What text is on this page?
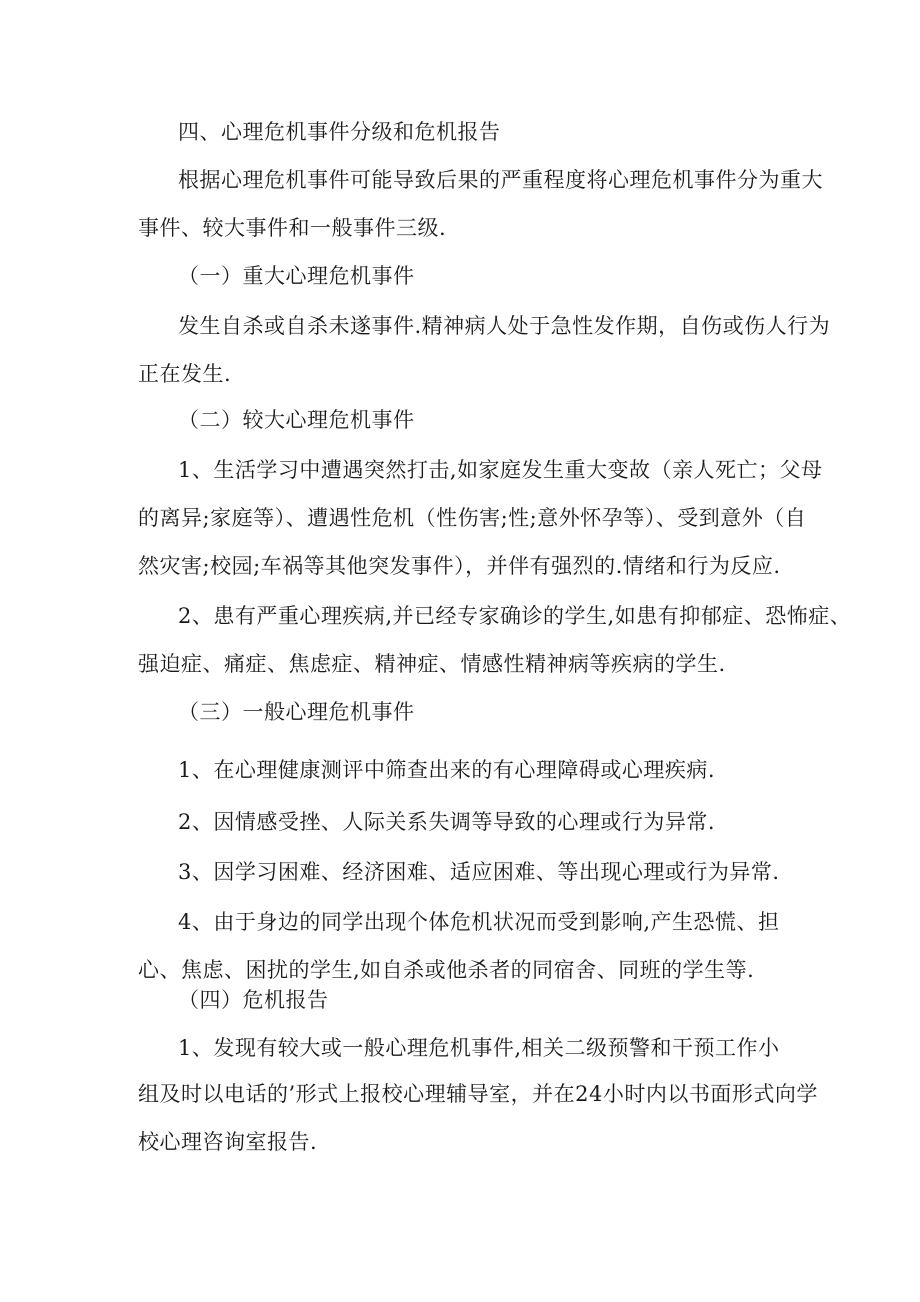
四、心理危机事件分级和危机报告
根据心理危机事件可能导致后果的严重程度将心理危机事件分为重大
事件、较大事件和一般事件三级.
（一）重大心理危机事件
发生自杀或自杀未遂事件.精神病人处于急性发作期，自伤或伤人行为
正在发生.
（二）较大心理危机事件
1、生活学习中遭遇突然打击,如家庭发生重大变故（亲人死亡；父母
的离异;家庭等）、遭遇性危机（性伤害;性;意外怀孕等）、受到意外（自
然灾害;校园;车祸等其他突发事件），并伴有强烈的.情绪和行为反应.
2、患有严重心理疾病,并已经专家确诊的学生,如患有抑郁症、恐怖症、
强迫症、痛症、焦虑症、精神症、情感性精神病等疾病的学生.
（三）一般心理危机事件
1、在心理健康测评中筛查出来的有心理障碍或心理疾病.
2、因情感受挫、人际关系失调等导致的心理或行为异常.
3、因学习困难、经济困难、适应困难、等出现心理或行为异常.
4、由于身边的同学出现个体危机状况而受到影响,产生恐慌、担
心、焦虑、困扰的学生,如自杀或他杀者的同宿舍、同班的学生等.
（四）危机报告
1、发现有较大或一般心理危机事件,相关二级预警和干预工作小
组及时以电话的’形式上报校心理辅导室，并在24小时内以书面形式向学
校心理咨询室报告.
